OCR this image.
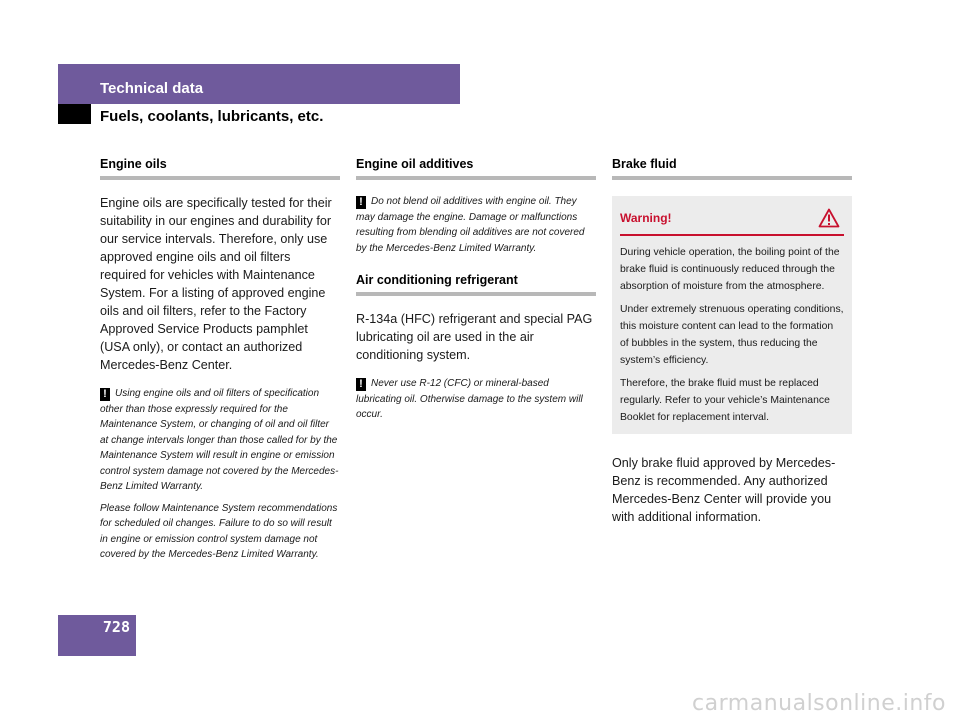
Technical data
Fuels, coolants, lubricants, etc.
Engine oils

Engine oils are specifically tested for their suitability in our engines and durability for our service intervals. Therefore, only use approved engine oils and oil filters required for vehicles with Maintenance System. For a listing of approved engine oils and oil filters, refer to the Factory Approved Service Products pamphlet (USA only), or contact an authorized Mercedes-Benz Center.

! Using engine oils and oil filters of specification other than those expressly required for the Maintenance System, or changing of oil and oil filter at change intervals longer than those called for by the Maintenance System will result in engine or emission control system damage not covered by the Mercedes-Benz Limited Warranty.

Please follow Maintenance System recommendations for scheduled oil changes. Failure to do so will result in engine or emission control system damage not covered by the Mercedes-Benz Limited Warranty.

Engine oil additives

! Do not blend oil additives with engine oil. They may damage the engine. Damage or malfunctions resulting from blending oil additives are not covered by the Mercedes-Benz Limited Warranty.

Air conditioning refrigerant

R-134a (HFC) refrigerant and special PAG lubricating oil are used in the air conditioning system.

! Never use R-12 (CFC) or mineral-based lubricating oil. Otherwise damage to the system will occur.

Brake fluid
Warning!

During vehicle operation, the boiling point of the brake fluid is continuously reduced through the absorption of moisture from the atmosphere.

Under extremely strenuous operating conditions, this moisture content can lead to the formation of bubbles in the system, thus reducing the system’s efficiency.

Therefore, the brake fluid must be replaced regularly. Refer to your vehicle’s Maintenance Booklet for replacement interval.

Only brake fluid approved by Mercedes-Benz is recommended. Any authorized Mercedes-Benz Center will provide you with additional information.

728
carmanualsonline.info
